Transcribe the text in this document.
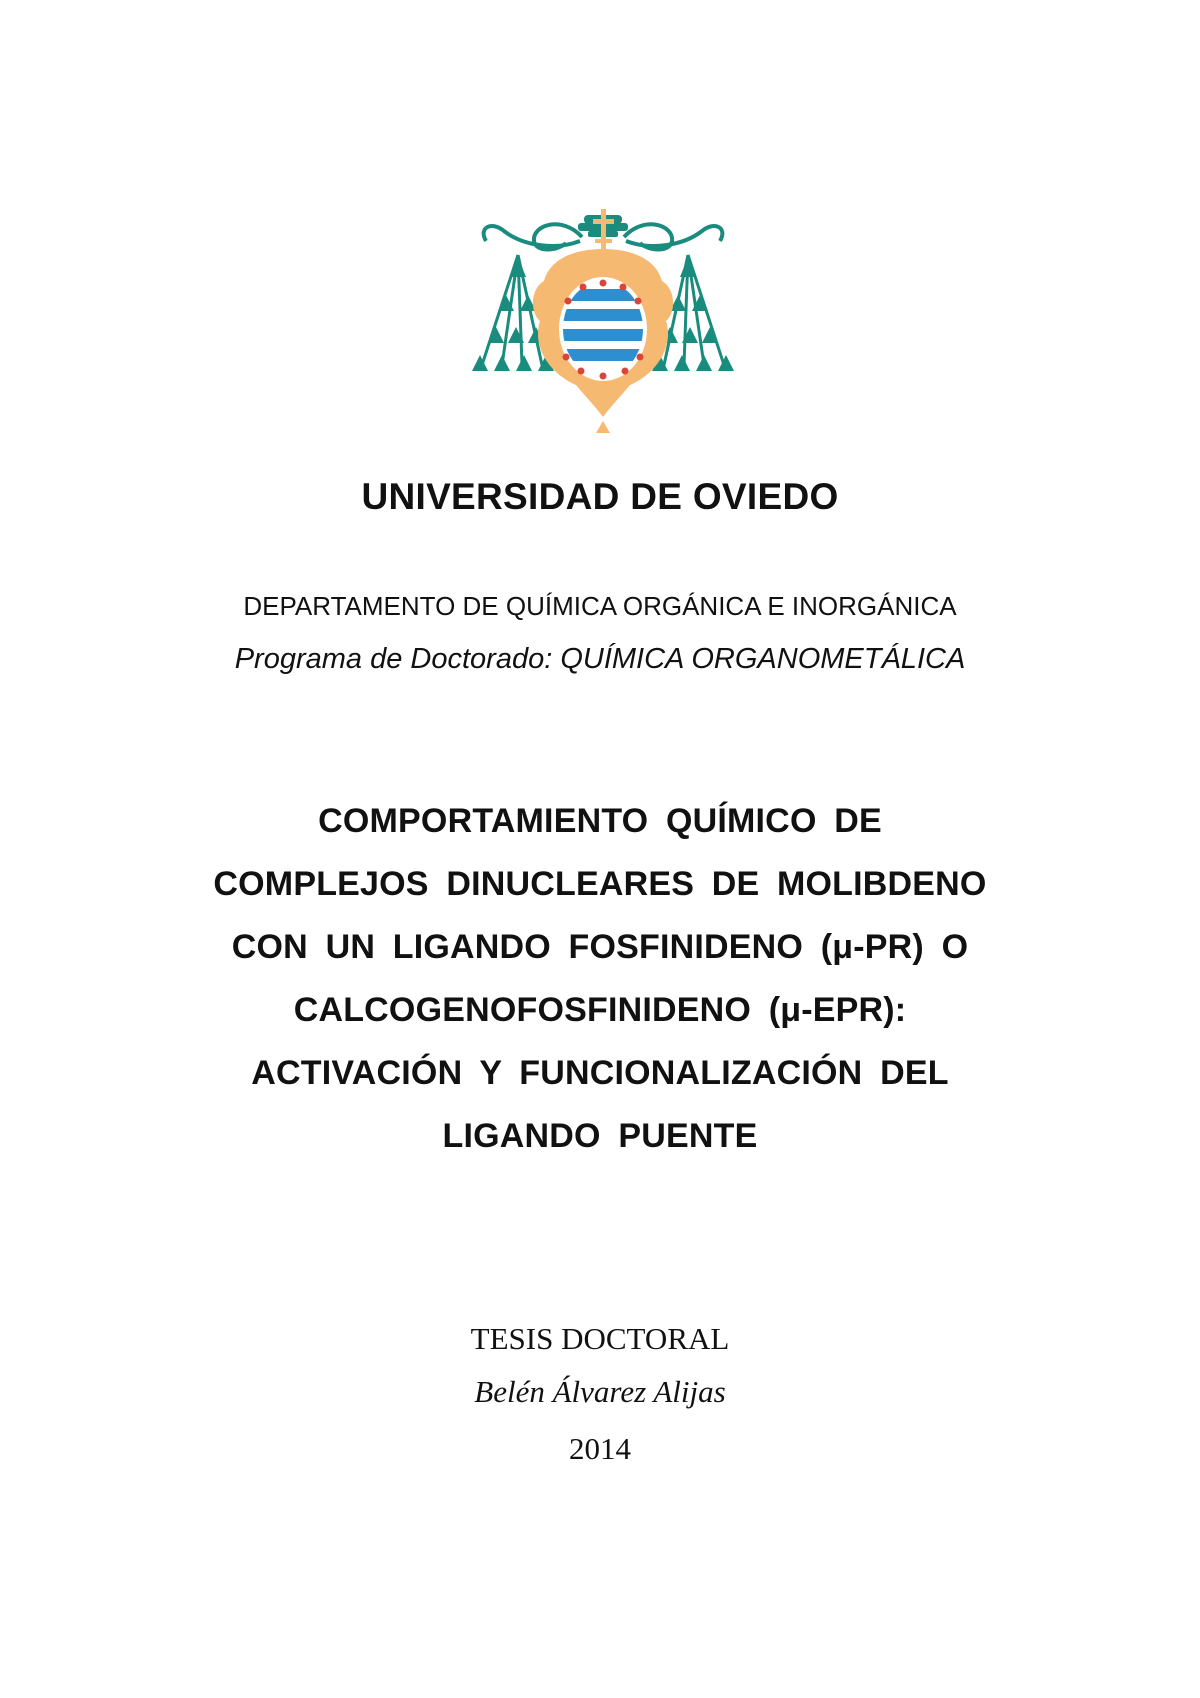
UNIVERSIDAD DE OVIEDO
DEPARTAMENTO DE QUÍMICA ORGÁNICA E INORGÁNICA
Programa de Doctorado: QUÍMICA ORGANOMETÁLICA
COMPORTAMIENTO QUÍMICO DE
COMPLEJOS DINUCLEARES DE MOLIBDENO
CON UN LIGANDO FOSFINIDENO (μ-PR) O
CALCOGENOFOSFINIDENO (μ-EPR):
ACTIVACIÓN Y FUNCIONALIZACIÓN DEL
LIGANDO PUENTE
TESIS DOCTORAL
Belén Álvarez Alijas
2014
